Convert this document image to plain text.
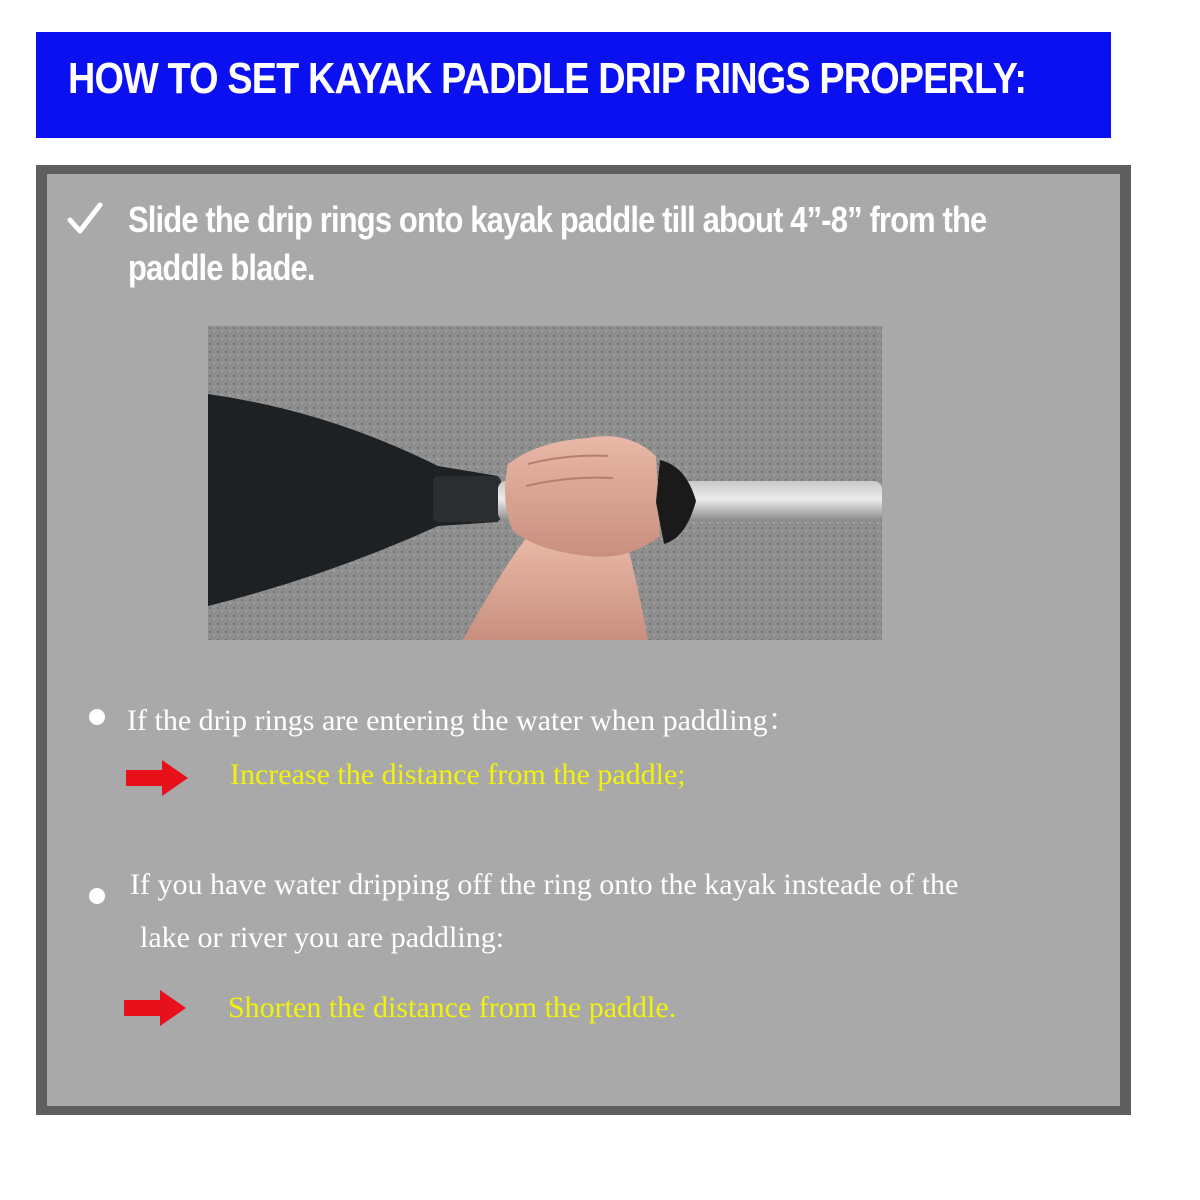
HOW TO SET KAYAK PADDLE DRIP RINGS PROPERLY:
Slide the drip rings onto kayak paddle till about 4”-8” from the paddle blade.
If the drip rings are entering the water when paddling：
Increase the distance from the paddle;
If you have water dripping off the ring onto the kayak insteade of the
lake or river you are paddling:
Shorten the distance from the paddle.
